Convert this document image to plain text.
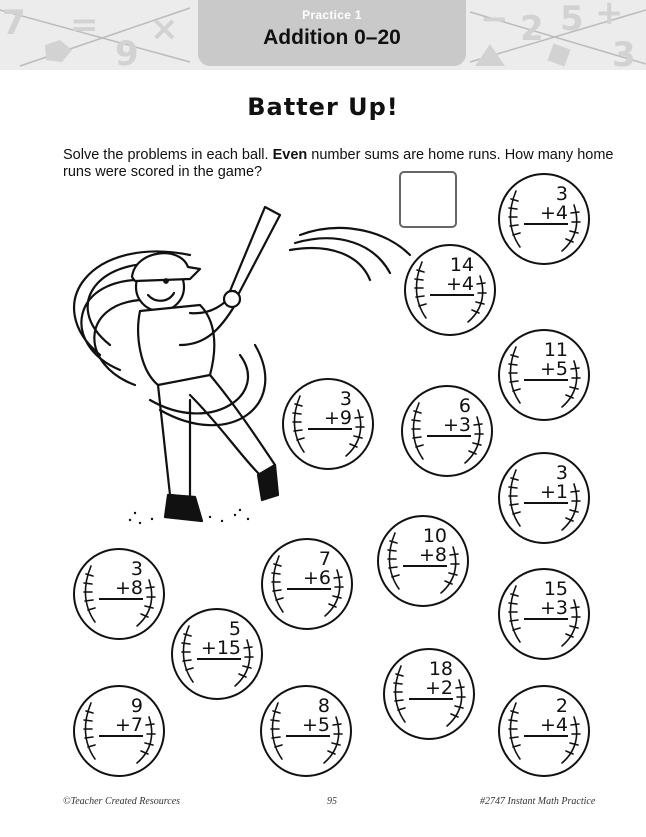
7 =
9
×	2 5 +
3
−
Practice 1
Addition 0–20
Batter Up!
Solve the problems in each ball. Even number sums are home runs. How many home runs were scored in the game?
3
+4
14
+4
11
+5
3
+9
6
+3
3
+1
10
+8
3
+8
7
+6	15
+3
5
+15
18
+2
9
+7
8
+5
2
+4
©Teacher Created Resources	95	#2747 Instant Math Practice
